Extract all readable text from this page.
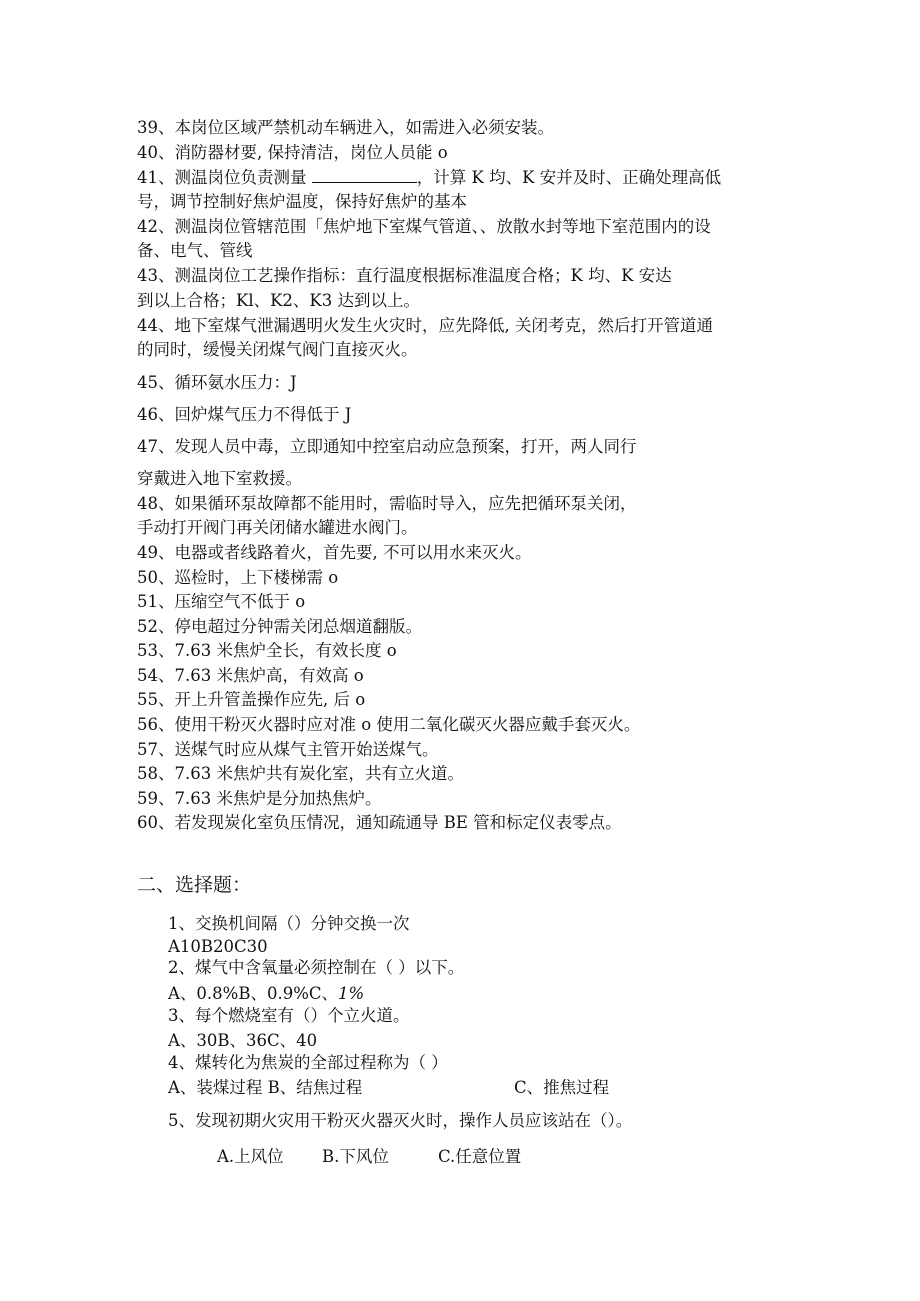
39、本岗位区域严禁机动车辆进入，如需进入必须安装。
40、消防器材要, 保持清洁，岗位人员能 o
41、测温岗位负责测量	，计算 K 均、K 安并及时、正确处理高低
号，调节控制好焦炉温度，保持好焦炉的基本
42、测温岗位管辖范围「焦炉地下室煤气管道、、放散水封等地下室范围内的设
备、电气、管线
43、测温岗位工艺操作指标：直行温度根据标准温度合格；K 均、K 安达
到以上合格；Kl、K2、K3 达到以上。
44、地下室煤气泄漏遇明火发生火灾时，应先降低, 关闭考克，然后打开管道通
的同时，缓慢关闭煤气阀门直接灭火。
45、循环氨水压力：J
46、回炉煤气压力不得低于 J
47、发现人员中毒，立即通知中控室启动应急预案，打开，两人同行
穿戴进入地下室救援。
48、如果循环泵故障都不能用时，需临时导入，应先把循环泵关闭，
手动打开阀门再关闭储水罐进水阀门。
49、电器或者线路着火，首先要, 不可以用水来灭火。
50、巡检时，上下楼梯需 o
51、压缩空气不低于 o
52、停电超过分钟需关闭总烟道翻版。
53、7.63 米焦炉全长，有效长度 o
54、7.63 米焦炉高，有效高 o
55、开上升管盖操作应先, 后 o
56、使用干粉灭火器时应对准 o 使用二氧化碳灭火器应戴手套灭火。
57、送煤气时应从煤气主管开始送煤气。
58、7.63 米焦炉共有炭化室，共有立火道。
59、7.63 米焦炉是分加热焦炉。
60、若发现炭化室负压情况，通知疏通导 BE 管和标定仪表零点。
二、选择题：
1、交换机间隔（）分钟交换一次
A10B20C30
2、煤气中含氧量必须控制在（ ）以下。
A、0.8%B、0.9%C、1%
3、每个燃烧室有（）个立火道。
A、30B、36C、40
4、煤转化为焦炭的全部过程称为（ ）
A、装煤过程 B、结焦过程	C、推焦过程
5、发现初期火灾用干粉灭火器灭火时，操作人员应该站在（）。
A.上风位 B.下风位	C.任意位置
